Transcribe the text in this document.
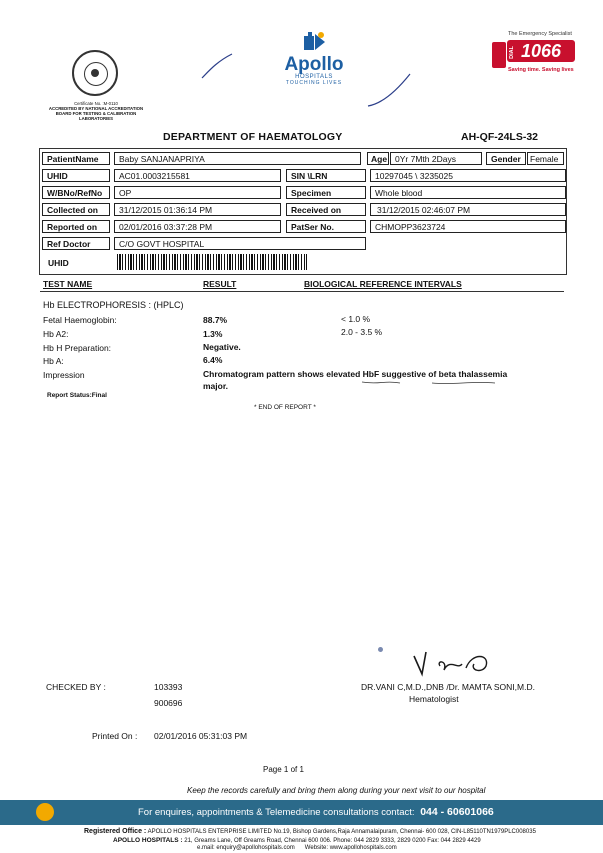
Certificate No. :M-0110
ACCREDITED BY NATIONAL ACCREDITATION
BOARD FOR TESTING & CALIBRATION LABORATORIES
Apollo
HOSPITALS
TOUCHING LIVES
The Emergency Specialist
DIAL 1066
Saving time. Saving lives
DEPARTMENT OF HAEMATOLOGY	AH-QF-24LS-32
PatientName	Baby SANJANAPRIYA	Age 0Yr 7Mth 2Days	Gender	Female
UHID	AC01.0003215581	SIN \LRN	10297045 \ 3235025
W/BNo/RefNo	OP	Specimen	Whole blood
Collected on	31/12/2015 01:36:14 PM	Received on	31/12/2015 02:46:07 PM
Reported on	02/01/2016 03:37:28 PM	PatSer No.	CHMOPP3623724
Ref Doctor	C/O GOVT HOSPITAL
UHID
TEST NAME	RESULT	BIOLOGICAL REFERENCE INTERVALS
Hb ELECTROPHORESIS : (HPLC)
Fetal Haemoglobin:	88.7%	< 1.0 %
Hb A2:	1.3%	2.0 - 3.5 %
Hb H Preparation:	Negative.
Hb A:	6.4%
Impression	Chromatogram pattern shows elevated HbF suggestive of beta thalassemia
major.
Report Status:Final
* END OF REPORT *
CHECKED BY :	103393
900696
DR.VANI C,M.D.,DNB /Dr. MAMTA SONI,M.D.
Hematologist
Printed On : 02/01/2016 05:31:03 PM
Page 1 of 1
Keep the records carefully and bring them along during your next visit to our hospital
For enquires, appointments & Telemedicine consultations contact: 044 - 60601066
Registered Office : APOLLO HOSPITALS ENTERPRISE LIMITED No.19, Bishop Gardens,Raja Annamalaipuram, Chennai- 600 028, CIN-L85110TN1979PLC008035
APOLLO HOSPITALS : 21, Greams Lane, Off Greams Road, Chennai 600 006. Phone: 044 2829 3333, 2829 0200 Fax: 044 2829 4429
e.mail: enquiry@apollohospitals.com      Website: www.apollohospitals.com
